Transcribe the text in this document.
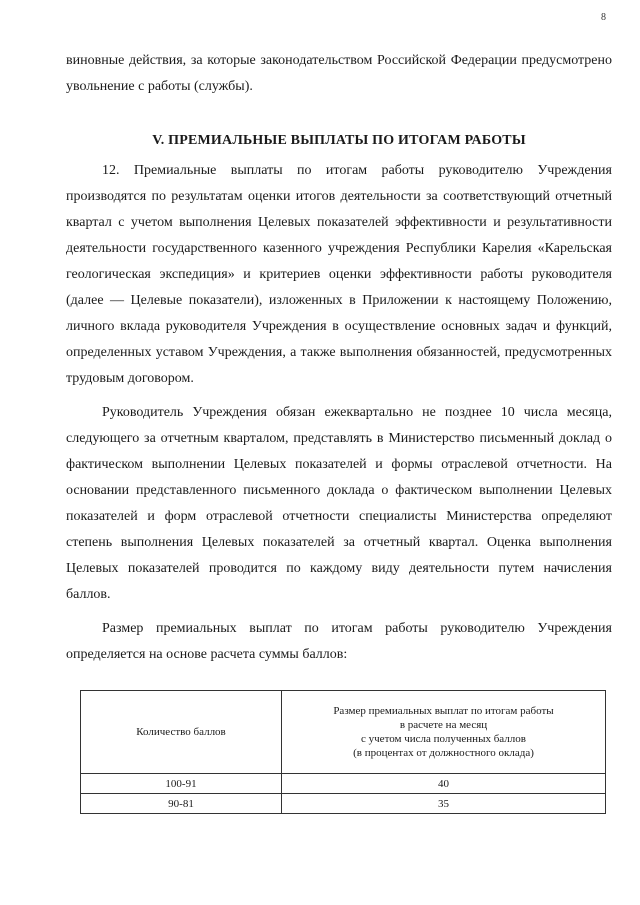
8

виновные действия, за которые законодательством Российской Федерации предусмотрено увольнение с работы (службы).

V. ПРЕМИАЛЬНЫЕ ВЫПЛАТЫ ПО ИТОГАМ РАБОТЫ

12. Премиальные выплаты по итогам работы руководителю Учреждения производятся по результатам оценки итогов деятельности за соответствующий отчетный квартал с учетом выполнения Целевых показателей эффективности и результативности деятельности государственного казенного учреждения Республики Карелия «Карельская геологическая экспедиция» и критериев оценки эффективности работы руководителя (далее — Целевые показатели), изложенных в Приложении к настоящему Положению, личного вклада руководителя Учреждения в осуществление основных задач и функций, определенных уставом Учреждения, а также выполнения обязанностей, предусмотренных трудовым договором.

Руководитель Учреждения обязан ежеквартально не позднее 10 числа месяца, следующего за отчетным кварталом, представлять в Министерство письменный доклад о фактическом выполнении Целевых показателей и формы отраслевой отчетности. На основании представленного письменного доклада о фактическом выполнении Целевых показателей и форм отраслевой отчетности специалисты Министерства определяют степень выполнения Целевых показателей за отчетный квартал. Оценка выполнения Целевых показателей проводится по каждому виду деятельности путем начисления баллов.

Размер премиальных выплат по итогам работы руководителю Учреждения определяется на основе расчета суммы баллов:

Количество баллов	Размер премиальных выплат по итогам работы
в расчете на месяц
с учетом числа полученных баллов
(в процентах от должностного оклада)

100-91	40
90-81	35
